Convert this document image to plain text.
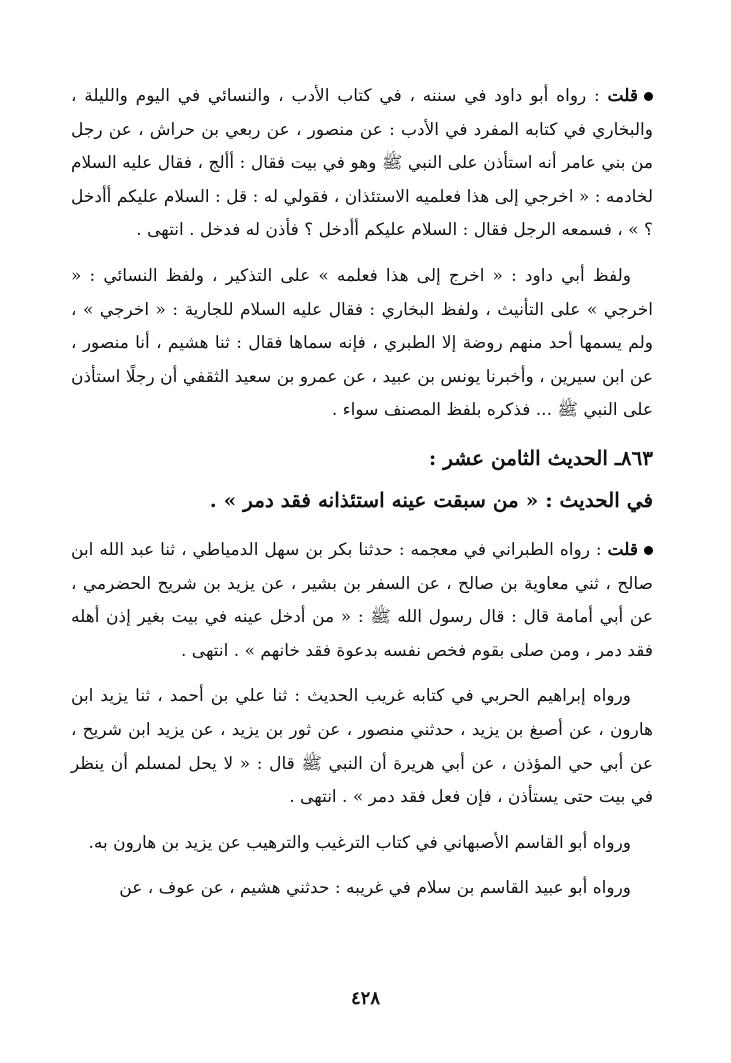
قلت : رواه أبو داود في سننه ، في كتاب الأدب ، والنسائي في اليوم والليلة ، والبخاري في كتابه المفرد في الأدب : عن منصور ، عن ربعي بن حراش ، عن رجل من بني عامر أنه استأذن على النبي ﷺ وهو في بيت فقال : أألج ، فقال عليه السلام لخادمه : « اخرجي إلى هذا فعلميه الاستئذان ، فقولي له : قل : السلام عليكم أأدخل ؟ » ، فسمعه الرجل فقال : السلام عليكم أأدخل ؟ فأذن له فدخل . انتهى .

ولفظ أبي داود : « اخرج إلى هذا فعلمه » على التذكير ، ولفظ النسائي : « اخرجي » على التأنيث ، ولفظ البخاري : فقال عليه السلام للجارية : « اخرجي » ، ولم يسمها أحد منهم روضة إلا الطبري ، فإنه سماها فقال : ثنا هشيم ، أنا منصور ، عن ابن سيرين ، وأخبرنا يونس بن عبيد ، عن عمرو بن سعيد الثقفي أن رجلًا استأذن على النبي ﷺ ... فذكره بلفظ المصنف سواء .

٨٦٣ـ الحديث الثامن عشر :
في الحديث : « من سبقت عينه استئذانه فقد دمر » .

قلت : رواه الطبراني في معجمه : حدثنا بكر بن سهل الدمياطي ، ثنا عبد الله ابن صالح ، ثني معاوية بن صالح ، عن السفر بن بشير ، عن يزيد بن شريح الحضرمي ، عن أبي أمامة قال : قال رسول الله ﷺ : « من أدخل عينه في بيت بغير إذن أهله فقد دمر ، ومن صلى بقوم فخص نفسه بدعوة فقد خانهم » . انتهى .

ورواه إبراهيم الحربي في كتابه غريب الحديث : ثنا علي بن أحمد ، ثنا يزيد ابن هارون ، عن أصبغ بن يزيد ، حدثني منصور ، عن ثور بن يزيد ، عن يزيد ابن شريح ، عن أبي حي المؤذن ، عن أبي هريرة أن النبي ﷺ قال : « لا يحل لمسلم أن ينظر في بيت حتى يستأذن ، فإن فعل فقد دمر » . انتهى .

ورواه أبو القاسم الأصبهاني في كتاب الترغيب والترهيب عن يزيد بن هارون به.

ورواه أبو عبيد القاسم بن سلام في غريبه : حدثني هشيم ، عن عوف ، عن

٤٢٨
